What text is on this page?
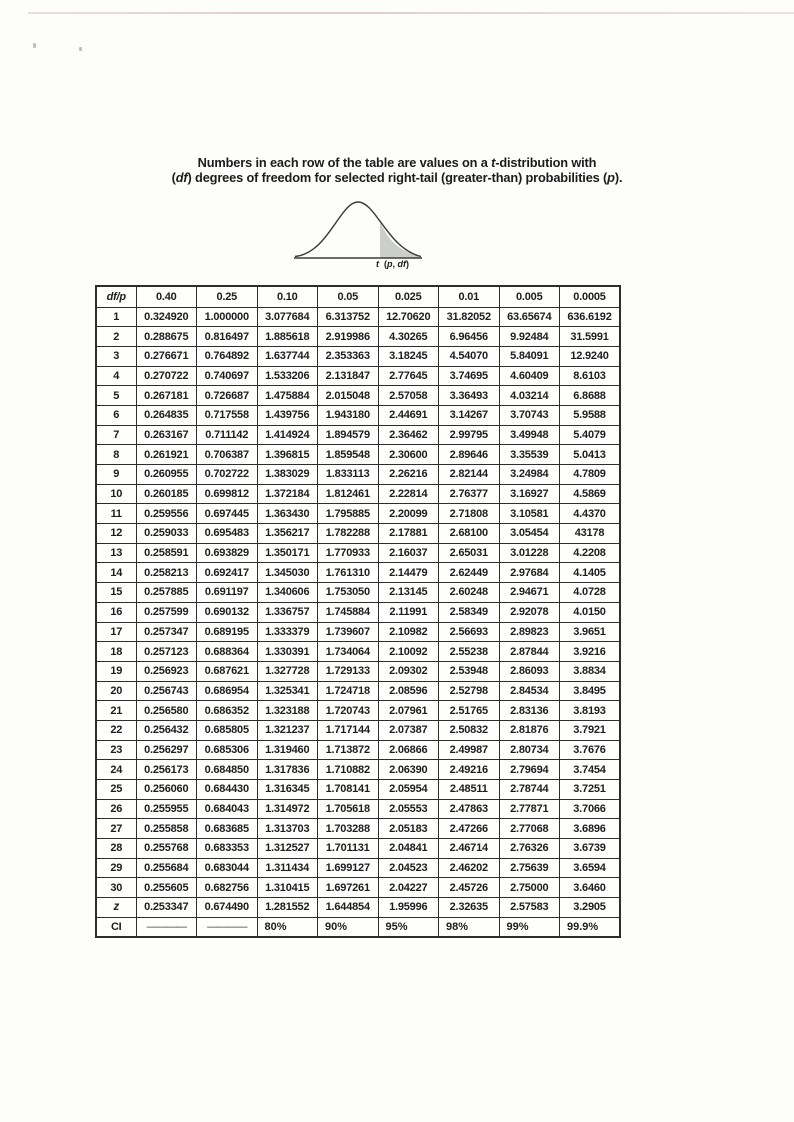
Numbers in each row of the table are values on a t-distribution with
(df) degrees of freedom for selected right-tail (greater-than) probabilities (p).
t  (p, df)
df/p	0.40	0.25	0.10	0.05	0.025	0.01	0.005	0.0005
1	0.324920	1.000000	3.077684	6.313752	12.70620	31.82052	63.65674	636.6192
2	0.288675	0.816497	1.885618	2.919986	4.30265	6.96456	9.92484	31.5991
3	0.276671	0.764892	1.637744	2.353363	3.18245	4.54070	5.84091	12.9240
4	0.270722	0.740697	1.533206	2.131847	2.77645	3.74695	4.60409	8.6103
5	0.267181	0.726687	1.475884	2.015048	2.57058	3.36493	4.03214	6.8688
6	0.264835	0.717558	1.439756	1.943180	2.44691	3.14267	3.70743	5.9588
7	0.263167	0.711142	1.414924	1.894579	2.36462	2.99795	3.49948	5.4079
8	0.261921	0.706387	1.396815	1.859548	2.30600	2.89646	3.35539	5.0413
9	0.260955	0.702722	1.383029	1.833113	2.26216	2.82144	3.24984	4.7809
10	0.260185	0.699812	1.372184	1.812461	2.22814	2.76377	3.16927	4.5869
11	0.259556	0.697445	1.363430	1.795885	2.20099	2.71808	3.10581	4.4370
12	0.259033	0.695483	1.356217	1.782288	2.17881	2.68100	3.05454	43178
13	0.258591	0.693829	1.350171	1.770933	2.16037	2.65031	3.01228	4.2208
14	0.258213	0.692417	1.345030	1.761310	2.14479	2.62449	2.97684	4.1405
15	0.257885	0.691197	1.340606	1.753050	2.13145	2.60248	2.94671	4.0728
16	0.257599	0.690132	1.336757	1.745884	2.11991	2.58349	2.92078	4.0150
17	0.257347	0.689195	1.333379	1.739607	2.10982	2.56693	2.89823	3.9651
18	0.257123	0.688364	1.330391	1.734064	2.10092	2.55238	2.87844	3.9216
19	0.256923	0.687621	1.327728	1.729133	2.09302	2.53948	2.86093	3.8834
20	0.256743	0.686954	1.325341	1.724718	2.08596	2.52798	2.84534	3.8495
21	0.256580	0.686352	1.323188	1.720743	2.07961	2.51765	2.83136	3.8193
22	0.256432	0.685805	1.321237	1.717144	2.07387	2.50832	2.81876	3.7921
23	0.256297	0.685306	1.319460	1.713872	2.06866	2.49987	2.80734	3.7676
24	0.256173	0.684850	1.317836	1.710882	2.06390	2.49216	2.79694	3.7454
25	0.256060	0.684430	1.316345	1.708141	2.05954	2.48511	2.78744	3.7251
26	0.255955	0.684043	1.314972	1.705618	2.05553	2.47863	2.77871	3.7066
27	0.255858	0.683685	1.313703	1.703288	2.05183	2.47266	2.77068	3.6896
28	0.255768	0.683353	1.312527	1.701131	2.04841	2.46714	2.76326	3.6739
29	0.255684	0.683044	1.311434	1.699127	2.04523	2.46202	2.75639	3.6594
30	0.255605	0.682756	1.310415	1.697261	2.04227	2.45726	2.75000	3.6460
z	0.253347	0.674490	1.281552	1.644854	1.95996	2.32635	2.57583	3.2905
CI	————	————	80%	90%	95%	98%	99%	99.9%
